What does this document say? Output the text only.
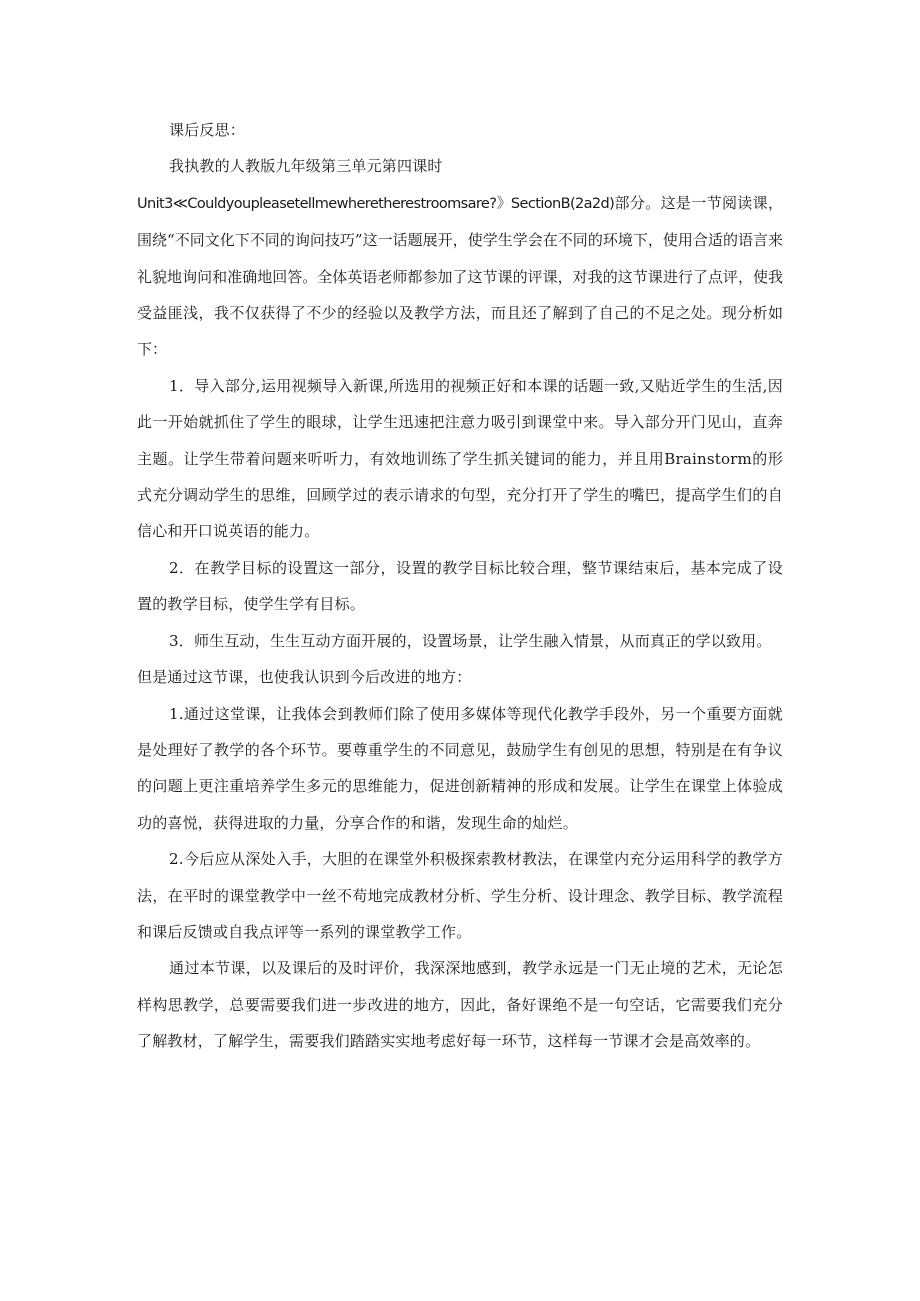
课后反思：

我执教的人教版九年级第三单元第四课时

Unit3≪Couldyoupleasetellmewheretherestroomsare?》SectionB(2a2d)部分。这是一节阅读课，围绕“不同文化下不同的询问技巧”这一话题展开，使学生学会在不同的环境下，使用合适的语言来礼貌地询问和准确地回答。全体英语老师都参加了这节课的评课，对我的这节课进行了点评，使我受益匪浅，我不仅获得了不少的经验以及教学方法，而且还了解到了自己的不足之处。现分析如下：

1．导入部分,运用视频导入新课,所选用的视频正好和本课的话题一致,又贴近学生的生活,因此一开始就抓住了学生的眼球，让学生迅速把注意力吸引到课堂中来。导入部分开门见山，直奔主题。让学生带着问题来听听力，有效地训练了学生抓关键词的能力，并且用Brainstorm的形式充分调动学生的思维，回顾学过的表示请求的句型，充分打开了学生的嘴巴，提高学生们的自信心和开口说英语的能力。

2．在教学目标的设置这一部分，设置的教学目标比较合理，整节课结束后，基本完成了设置的教学目标，使学生学有目标。

3．师生互动，生生互动方面开展的，设置场景，让学生融入情景，从而真正的学以致用。

但是通过这节课，也使我认识到今后改进的地方：

1.通过这堂课，让我体会到教师们除了使用多媒体等现代化教学手段外，另一个重要方面就是处理好了教学的各个环节。要尊重学生的不同意见，鼓励学生有创见的思想，特别是在有争议的问题上更注重培养学生多元的思维能力，促进创新精神的形成和发展。让学生在课堂上体验成功的喜悦，获得进取的力量，分享合作的和谐，发现生命的灿烂。

2.今后应从深处入手，大胆的在课堂外积极探索教材教法，在课堂内充分运用科学的教学方法，在平时的课堂教学中一丝不苟地完成教材分析、学生分析、设计理念、教学目标、教学流程和课后反馈或自我点评等一系列的课堂教学工作。

通过本节课，以及课后的及时评价，我深深地感到，教学永远是一门无止境的艺术，无论怎样构思教学，总要需要我们进一步改进的地方，因此，备好课绝不是一句空话，它需要我们充分了解教材，了解学生，需要我们踏踏实实地考虑好每一环节，这样每一节课才会是高效率的。
